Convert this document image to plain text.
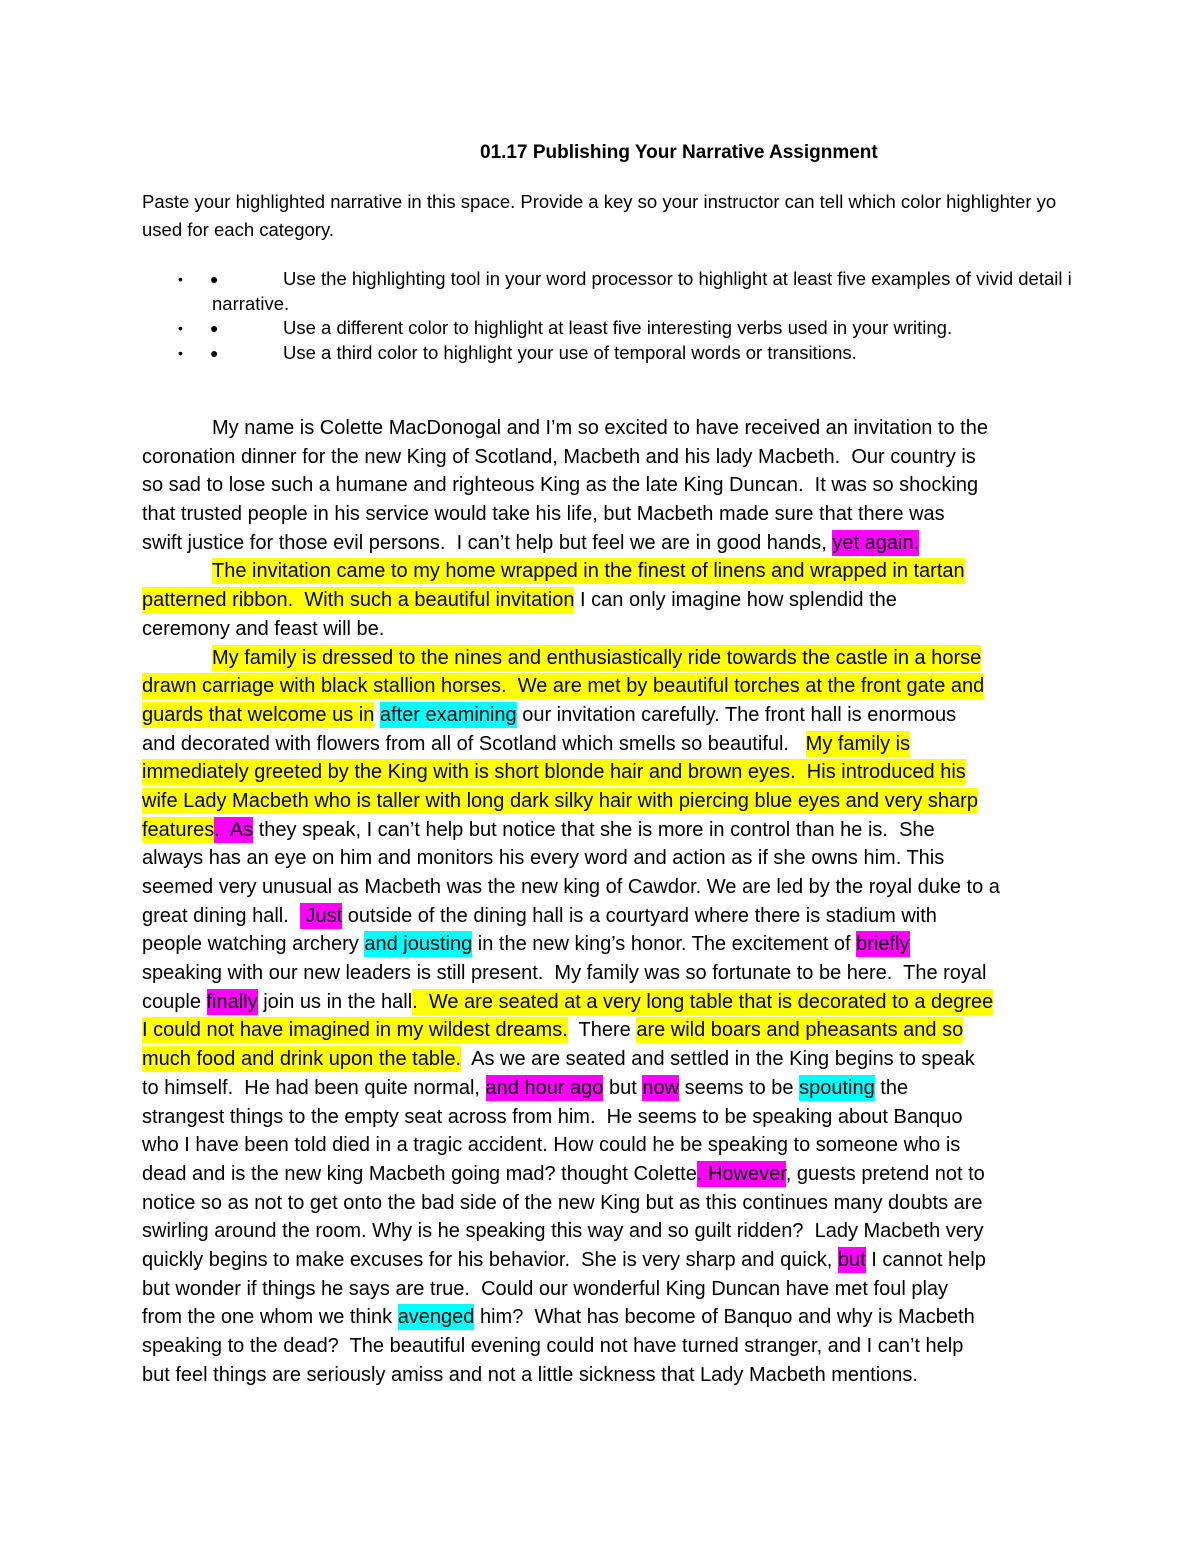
01.17 Publishing Your Narrative Assignment
Paste your highlighted narrative in this space. Provide a key so your instructor can tell which color highlighter yo
used for each category.

•

●

	Use the highlighting tool in your word processor to highlight at least five examples of vivid detail i

narrative.

•

●

	Use a different color to highlight at least five interesting verbs used in your writing.

•

●

	Use a third color to highlight your use of temporal words or transitions.

My name is Colette MacDonogal and I’m so excited to have received an invitation to the
coronation dinner for the new King of Scotland, Macbeth and his lady Macbeth.  Our country is
so sad to lose such a humane and righteous King as the late King Duncan.  It was so shocking
that trusted people in his service would take his life, but Macbeth made sure that there was
swift justice for those evil persons.  I can’t help but feel we are in good hands, yet again.
The invitation came to my home wrapped in the finest of linens and wrapped in tartan
patterned ribbon.  With such a beautiful invitation I can only imagine how splendid the
ceremony and feast will be.
My family is dressed to the nines and enthusiastically ride towards the castle in a horse
drawn carriage with black stallion horses.  We are met by beautiful torches at the front gate and
guards that welcome us in after examining our invitation carefully. The front hall is enormous
and decorated with flowers from all of Scotland which smells so beautiful.   My family is
immediately greeted by the King with is short blonde hair and brown eyes.  His introduced his
wife Lady Macbeth who is taller with long dark silky hair with piercing blue eyes and very sharp
features.  As they speak, I can’t help but notice that she is more in control than he is.  She
always has an eye on him and monitors his every word and action as if she owns him. This
seemed very unusual as Macbeth was the new king of Cawdor. We are led by the royal duke to a
great dining hall.   Just outside of the dining hall is a courtyard where there is stadium with
people watching archery and jousting in the new king’s honor. The excitement of briefly
speaking with our new leaders is still present.  My family was so fortunate to be here.  The royal
couple finally join us in the hall.  We are seated at a very long table that is decorated to a degree
I could not have imagined in my wildest dreams.  There are wild boars and pheasants and so
much food and drink upon the table.  As we are seated and settled in the King begins to speak
to himself.  He had been quite normal, and hour ago but now seems to be spouting the
strangest things to the empty seat across from him.  He seems to be speaking about Banquo
who I have been told died in a tragic accident. How could he be speaking to someone who is
dead and is the new king Macbeth going mad? thought Colette. However, guests pretend not to
notice so as not to get onto the bad side of the new King but as this continues many doubts are
swirling around the room. Why is he speaking this way and so guilt ridden?  Lady Macbeth very
quickly begins to make excuses for his behavior.  She is very sharp and quick, but I cannot help
but wonder if things he says are true.  Could our wonderful King Duncan have met foul play
from the one whom we think avenged him?  What has become of Banquo and why is Macbeth
speaking to the dead?  The beautiful evening could not have turned stranger, and I can’t help
but feel things are seriously amiss and not a little sickness that Lady Macbeth mentions.
